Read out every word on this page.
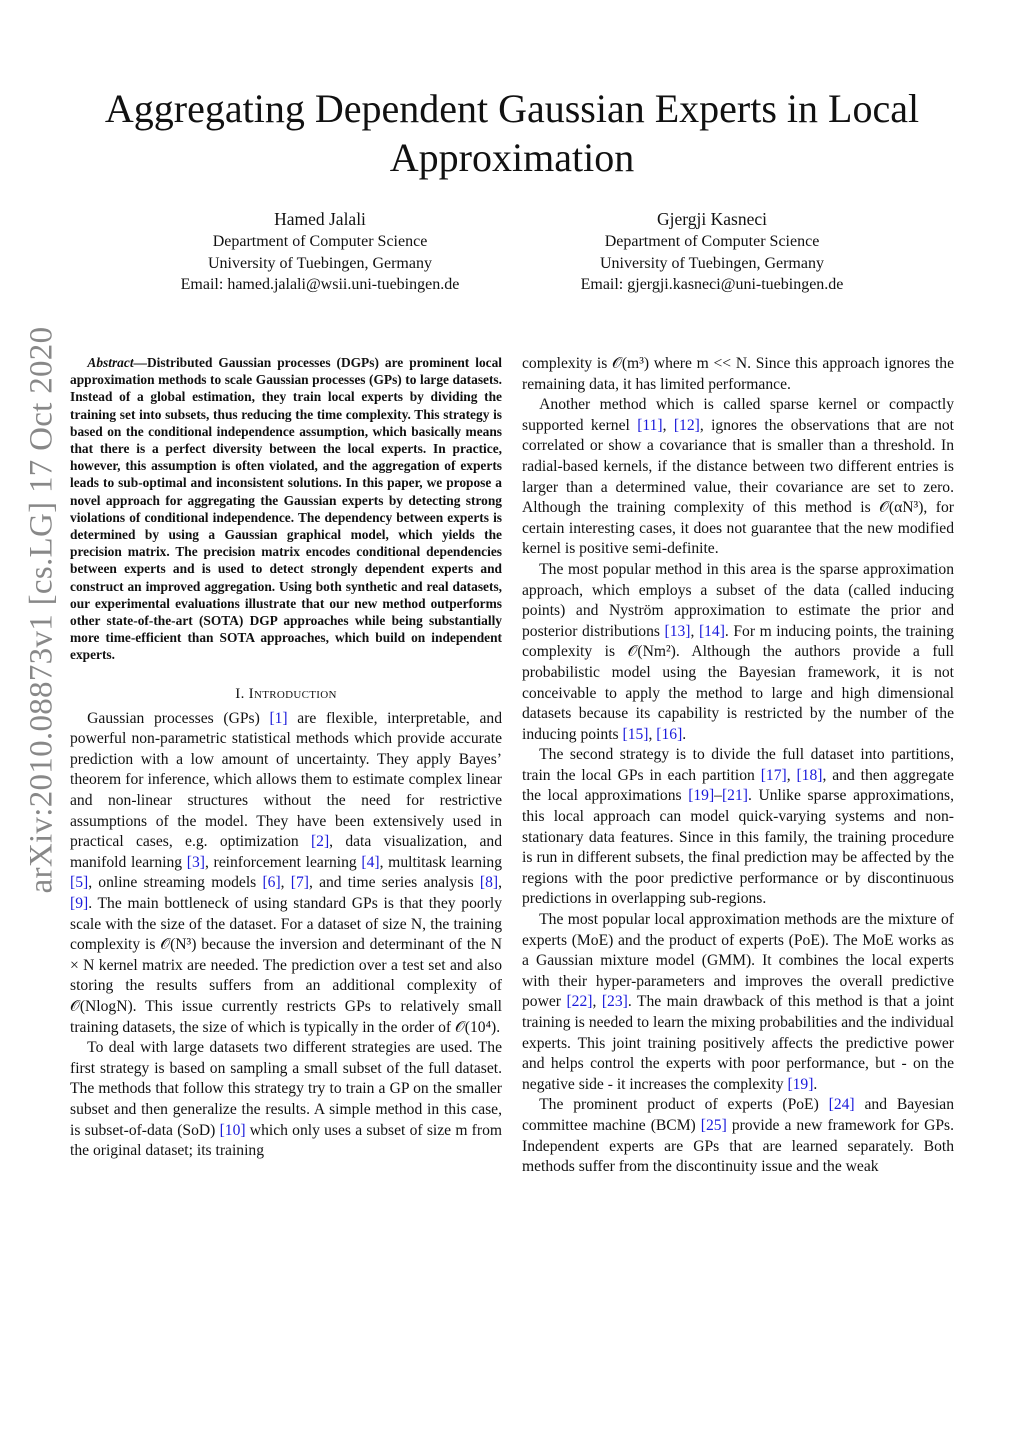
Aggregating Dependent Gaussian Experts in Local Approximation
Hamed Jalali
Department of Computer Science
University of Tuebingen, Germany
Email: hamed.jalali@wsii.uni-tuebingen.de
Gjergji Kasneci
Department of Computer Science
University of Tuebingen, Germany
Email: gjergji.kasneci@uni-tuebingen.de
arXiv:2010.08873v1 [cs.LG] 17 Oct 2020	Abstract—Distributed Gaussian processes (DGPs) are prominent local approximation methods to scale Gaussian processes (GPs) to large datasets. Instead of a global estimation, they train local experts by dividing the training set into subsets, thus reducing the time complexity. This strategy is based on the conditional independence assumption, which basically means that there is a perfect diversity between the local experts. In practice, however, this assumption is often violated, and the aggregation of experts leads to sub-optimal and inconsistent solutions. In this paper, we propose a novel approach for aggregating the Gaussian experts by detecting strong violations of conditional independence. The dependency between experts is determined by using a Gaussian graphical model, which yields the precision matrix. The precision matrix encodes conditional dependencies between experts and is used to detect strongly dependent experts and construct an improved aggregation. Using both synthetic and real datasets, our experimental evaluations illustrate that our new method outperforms other state-of-the-art (SOTA) DGP approaches while being substantially more time-efficient than SOTA approaches, which build on independent experts.

I. Introduction

Gaussian processes (GPs) [1] are flexible, interpretable, and powerful non-parametric statistical methods which provide accurate prediction with a low amount of uncertainty. They apply Bayes’ theorem for inference, which allows them to estimate complex linear and non-linear structures without the need for restrictive assumptions of the model. They have been extensively used in practical cases, e.g. optimization [2], data visualization, and manifold learning [3], reinforcement learning [4], multitask learning [5], online streaming models [6], [7], and time series analysis [8], [9]. The main bottleneck of using standard GPs is that they poorly scale with the size of the dataset. For a dataset of size N, the training complexity is 𝒪(N³) because the inversion and determinant of the N × N kernel matrix are needed. The prediction over a test set and also storing the results suffers from an additional complexity of 𝒪(NlogN). This issue currently restricts GPs to relatively small training datasets, the size of which is typically in the order of 𝒪(10⁴).

To deal with large datasets two different strategies are used. The first strategy is based on sampling a small subset of the full dataset. The methods that follow this strategy try to train a GP on the smaller subset and then generalize the results. A simple method in this case, is subset-of-data (SoD) [10] which only uses a subset of size m from the original dataset; its training

complexity is 𝒪(m³) where m << N. Since this approach ignores the remaining data, it has limited performance.

Another method which is called sparse kernel or compactly supported kernel [11], [12], ignores the observations that are not correlated or show a covariance that is smaller than a threshold. In radial-based kernels, if the distance between two different entries is larger than a determined value, their covariance are set to zero. Although the training complexity of this method is 𝒪(αN³), for certain interesting cases, it does not guarantee that the new modified kernel is positive semi-definite.

The most popular method in this area is the sparse approximation approach, which employs a subset of the data (called inducing points) and Nyström approximation to estimate the prior and posterior distributions [13], [14]. For m inducing points, the training complexity is 𝒪(Nm²). Although the authors provide a full probabilistic model using the Bayesian framework, it is not conceivable to apply the method to large and high dimensional datasets because its capability is restricted by the number of the inducing points [15], [16].

The second strategy is to divide the full dataset into partitions, train the local GPs in each partition [17], [18], and then aggregate the local approximations [19]–[21]. Unlike sparse approximations, this local approach can model quick-varying systems and non-stationary data features. Since in this family, the training procedure is run in different subsets, the final prediction may be affected by the regions with the poor predictive performance or by discontinuous predictions in overlapping sub-regions.

The most popular local approximation methods are the mixture of experts (MoE) and the product of experts (PoE). The MoE works as a Gaussian mixture model (GMM). It combines the local experts with their hyper-parameters and improves the overall predictive power [22], [23]. The main drawback of this method is that a joint training is needed to learn the mixing probabilities and the individual experts. This joint training positively affects the predictive power and helps control the experts with poor performance, but - on the negative side - it increases the complexity [19].

The prominent product of experts (PoE) [24] and Bayesian committee machine (BCM) [25] provide a new framework for GPs. Independent experts are GPs that are learned separately. Both methods suffer from the discontinuity issue and the weak
